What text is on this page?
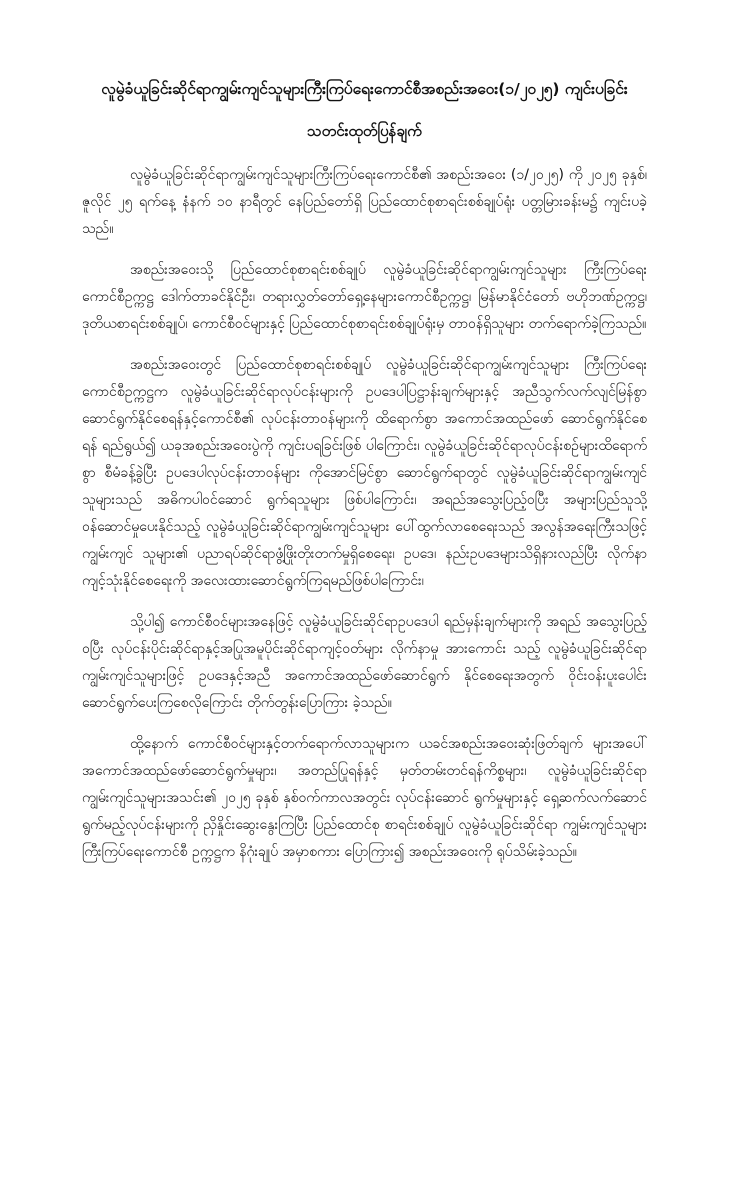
လူမွဲခံယူခြင်းဆိုင်ရာကျွမ်းကျင်သူများကြီးကြပ်ရေးကောင်စီအစည်းအဝေး(၁/၂၀၂၅) ကျင်းပခြင်း
သတင်းထုတ်ပြန်ချက်

လူမွဲခံယူခြင်းဆိုင်ရာကျွမ်းကျင်သူများကြီးကြပ်ရေးကောင်စီ၏ အစည်းအဝေး (၁/၂၀၂၅) ကို ၂၀၂၅ ခုနှစ်၊ ဇူလိုင် ၂၅ ရက်နေ့ နံနက် ၁၀ နာရီတွင် နေပြည်တော်ရှိ ပြည်ထောင်စုစာရင်းစစ်ချုပ်ရုံး ပတ္တမြားခန်းမ၌ ကျင်းပခဲ့သည်။

အစည်းအဝေးသို့ ပြည်ထောင်စုစာရင်းစစ်ချုပ် လူမွဲခံယူခြင်းဆိုင်ရာကျွမ်းကျင်သူများ ကြီးကြပ်ရေး ကောင်စီဥက္ကဋ္ဌ ဒေါက်တာခင်နိုင်ဦး၊ တရားလွှတ်တော်ရှေ့နေများကောင်စီဥက္ကဋ္ဌ၊ မြန်မာနိုင်ငံတော် ဗဟိုဘဏ်ဥက္ကဋ္ဌ၊ ဒုတိယစာရင်းစစ်ချုပ်၊ ကောင်စီဝင်များနှင့် ပြည်ထောင်စုစာရင်းစစ်ချုပ်ရုံးမှ တာဝန်ရှိသူများ တက်ရောက်ခဲ့ကြသည်။

အစည်းအဝေးတွင် ပြည်ထောင်စုစာရင်းစစ်ချုပ် လူမွဲခံယူခြင်းဆိုင်ရာကျွမ်းကျင်သူများ ကြီးကြပ်ရေးကောင်စီဥက္ကဋ္ဌက လူမွဲခံယူခြင်းဆိုင်ရာလုပ်ငန်းများကို ဥပဒေပါပြဋ္ဌာန်းချက်များနှင့် အညီသွက်လက်လျင်မြန်စွာ ဆောင်ရွက်နိုင်စေရန်နှင့်ကောင်စီ၏ လုပ်ငန်းတာဝန်များကို ထိရောက်စွာ အကောင်အထည်ဖော် ဆောင်ရွက်နိုင်စေရန် ရည်ရွယ်၍ ယခုအစည်းအဝေးပွဲကို ကျင်းပရခြင်းဖြစ် ပါကြောင်း၊ လူမွဲခံယူခြင်းဆိုင်ရာလုပ်ငန်းစဉ်များထိရောက်စွာ စီမံခန့်ခွဲပြီး ဥပဒေပါလုပ်ငန်းတာဝန်များ ကိုအောင်မြင်စွာ ဆောင်ရွက်ရာတွင် လူမွဲခံယူခြင်းဆိုင်ရာကျွမ်းကျင်သူများသည် အဓိကပါဝင်ဆောင် ရွက်ရသူများ ဖြစ်ပါကြောင်း၊ အရည်အသွေးပြည့်ဝပြီး အများပြည်သူသို့ ဝန်ဆောင်မှုပေးနိုင်သည့် လူမွဲခံယူခြင်းဆိုင်ရာကျွမ်းကျင်သူများ ပေါ်ထွက်လာစေရေးသည် အလွန်အရေးကြီးသဖြင့် ကျွမ်းကျင် သူများ၏ ပညာရပ်ဆိုင်ရာဖွံ့ဖြိုးတိုးတက်မှုရှိစေရေး၊ ဥပဒေ၊ နည်းဥပဒေများသိရှိနားလည်ပြီး လိုက်နာ ကျင့်သုံးနိုင်စေရေးကို အလေးထားဆောင်ရွက်ကြရမည်ဖြစ်ပါကြောင်း၊

သို့ပါ၍ ကောင်စီဝင်များအနေဖြင့် လူမွဲခံယူခြင်းဆိုင်ရာဥပဒေပါ ရည်မှန်းချက်များကို အရည် အသွေးပြည့်ဝပြီး လုပ်ငန်းပိုင်းဆိုင်ရာနှင့်အပြုအမူပိုင်းဆိုင်ရာကျင့်ဝတ်များ လိုက်နာမှု အားကောင်း သည့် လူမွဲခံယူခြင်းဆိုင်ရာ ကျွမ်းကျင်သူများဖြင့် ဥပဒေနှင့်အညီ အကောင်အထည်ဖော်ဆောင်ရွက် နိုင်စေရေးအတွက် ဝိုင်းဝန်းပူးပေါင်းဆောင်ရွက်ပေးကြစေလိုကြောင်း တိုက်တွန်းပြောကြား ခဲ့သည်။

ထို့နောက် ကောင်စီဝင်များနှင့်တက်ရောက်လာသူများက ယခင်အစည်းအဝေးဆုံးဖြတ်ချက် များအပေါ် အကောင်အထည်ဖော်ဆောင်ရွက်မှုများ၊ အတည်ပြုရန်နှင့် မှတ်တမ်းတင်ရန်ကိစ္စများ၊ လူမွဲခံယူခြင်းဆိုင်ရာကျွမ်းကျင်သူများအသင်း၏ ၂၀၂၅ ခုနှစ် နှစ်ဝက်ကာလအတွင်း လုပ်ငန်းဆောင် ရွက်မှုများနှင့် ရှေ့ဆက်လက်ဆောင်ရွက်မည့်လုပ်ငန်းများကို ညှိနှိုင်းဆွေးနွေးကြပြီး ပြည်ထောင်စု စာရင်းစစ်ချုပ် လူမွဲခံယူခြင်းဆိုင်ရာ ကျွမ်းကျင်သူများကြီးကြပ်ရေးကောင်စီ ဥက္ကဋ္ဌက နိဂုံးချုပ် အမှာစကား ပြောကြား၍ အစည်းအဝေးကို ရုပ်သိမ်းခဲ့သည်။
